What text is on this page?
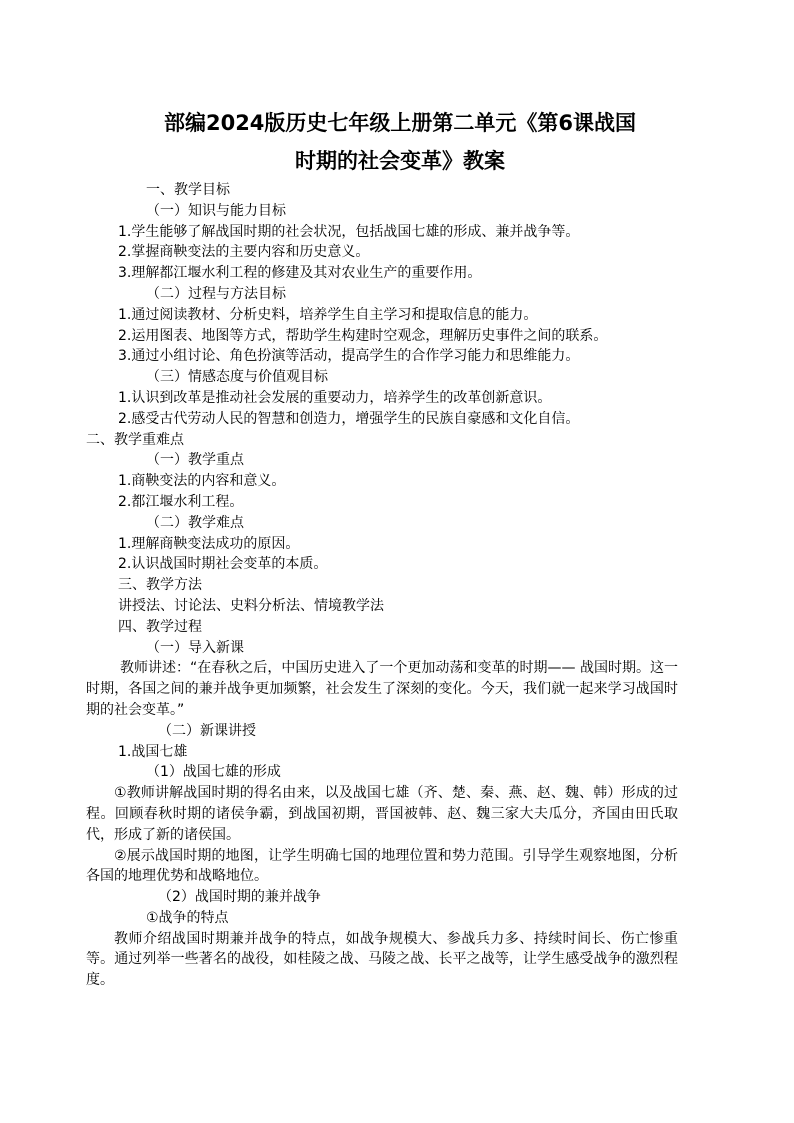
部编2024版历史七年级上册第二单元《第6课战国
时期的社会变革》教案
一、教学目标
（一）知识与能力目标
1.学生能够了解战国时期的社会状况，包括战国七雄的形成、兼并战争等。
2.掌握商鞅变法的主要内容和历史意义。
3.理解都江堰水利工程的修建及其对农业生产的重要作用。
（二）过程与方法目标
1.通过阅读教材、分析史料，培养学生自主学习和提取信息的能力。
2.运用图表、地图等方式，帮助学生构建时空观念，理解历史事件之间的联系。
3.通过小组讨论、角色扮演等活动，提高学生的合作学习能力和思维能力。
（三）情感态度与价值观目标
1.认识到改革是推动社会发展的重要动力，培养学生的改革创新意识。
2.感受古代劳动人民的智慧和创造力，增强学生的民族自豪感和文化自信。
二、教学重难点
（一）教学重点
1.商鞅变法的内容和意义。
2.都江堰水利工程。
（二）教学难点
1.理解商鞅变法成功的原因。
2.认识战国时期社会变革的本质。
三、教学方法
讲授法、讨论法、史料分析法、情境教学法
四、教学过程
（一）导入新课
教师讲述：“在春秋之后，中国历史进入了一个更加动荡和变革的时期—— 战国时期。这一时期，各国之间的兼并战争更加频繁，社会发生了深刻的变化。今天，我们就一起来学习战国时期的社会变革。”
（二）新课讲授
1.战国七雄
（1）战国七雄的形成
①教师讲解战国时期的得名由来，以及战国七雄（齐、楚、秦、燕、赵、魏、韩）形成的过程。回顾春秋时期的诸侯争霸，到战国初期，晋国被韩、赵、魏三家大夫瓜分，齐国由田氏取代，形成了新的诸侯国。
②展示战国时期的地图，让学生明确七国的地理位置和势力范围。引导学生观察地图，分析各国的地理优势和战略地位。
（2）战国时期的兼并战争
①战争的特点
教师介绍战国时期兼并战争的特点，如战争规模大、参战兵力多、持续时间长、伤亡惨重等。通过列举一些著名的战役，如桂陵之战、马陵之战、长平之战等，让学生感受战争的激烈程度。
